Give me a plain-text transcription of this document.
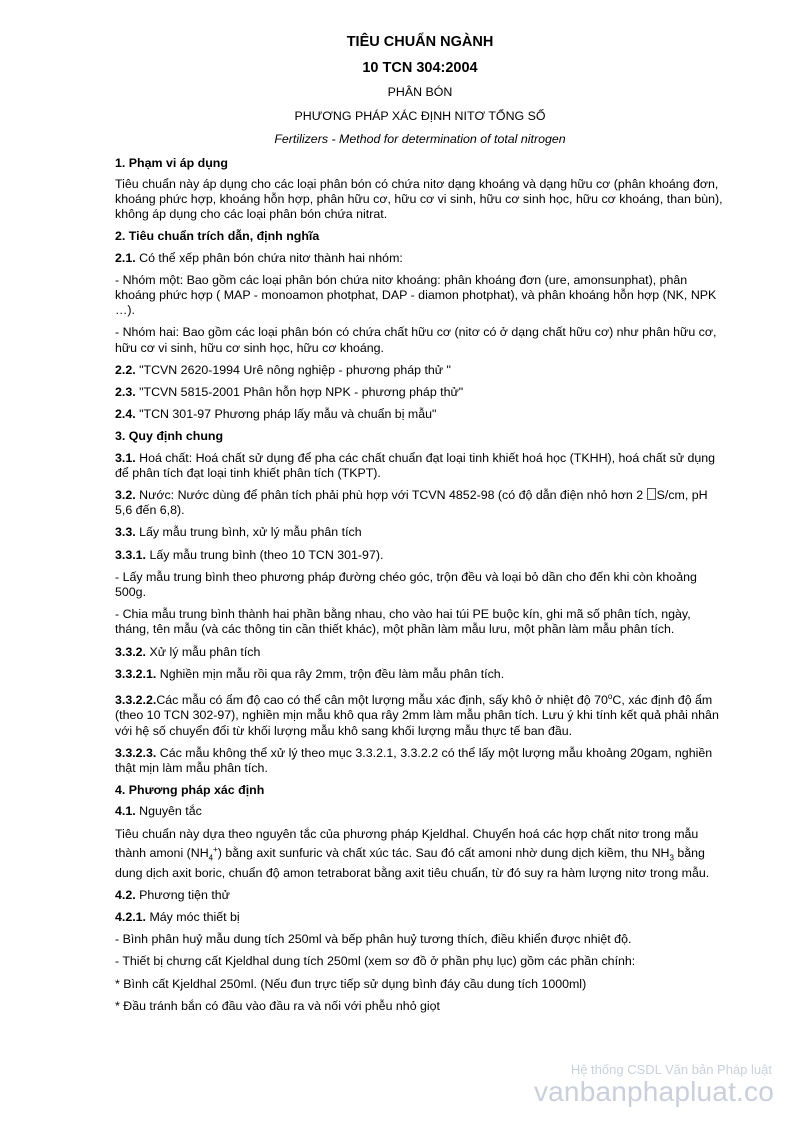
TIÊU CHUẨN NGÀNH
10 TCN 304:2004
PHÂN BÓN
PHƯƠNG PHÁP XÁC ĐỊNH NITƠ TỔNG SỐ
Fertilizers - Method for determination of total nitrogen
1. Phạm vi áp dụng

Tiêu chuẩn này áp dụng cho các loại phân bón có chứa nitơ dạng khoáng và dạng hữu cơ (phân khoáng đơn, khoáng phức hợp, khoáng hỗn hợp, phân hữu cơ, hữu cơ vi sinh, hữu cơ sinh học, hữu cơ khoáng, than bùn), không áp dụng cho các loại phân bón chứa nitrat.

2. Tiêu chuẩn trích dẫn, định nghĩa

2.1. Có thể xếp phân bón chứa nitơ thành hai nhóm:

- Nhóm một: Bao gồm các loại phân bón chứa nitơ khoáng: phân khoáng đơn (ure, amonsunphat), phân khoáng phức hợp ( MAP - monoamon photphat, DAP - diamon photphat), và phân khoáng hỗn hợp (NK, NPK …).

- Nhóm hai: Bao gồm các loại phân bón có chứa chất hữu cơ (nitơ có ở dạng chất hữu cơ) như phân hữu cơ, hữu cơ vi sinh, hữu cơ sinh học, hữu cơ khoáng.

2.2. "TCVN 2620-1994 Urê nông nghiệp - phương pháp thử "

2.3. "TCVN 5815-2001 Phân hỗn hợp NPK - phương pháp thử"

2.4. "TCN 301-97 Phương pháp lấy mẫu và chuẩn bị mẫu"

3. Quy định chung

3.1. Hoá chất: Hoá chất sử dụng để pha các chất chuẩn đạt loại tinh khiết hoá học (TKHH), hoá chất sử dụng để phân tích đạt loại tinh khiết phân tích (TKPT).

3.2. Nước: Nước dùng để phân tích phải phù hợp với TCVN 4852-98 (có độ dẫn điện nhỏ hơn 2 S/cm, pH 5,6 đến 6,8).

3.3. Lấy mẫu trung bình, xử lý mẫu phân tích

3.3.1. Lấy mẫu trung bình (theo 10 TCN 301-97).

- Lấy mẫu trung bình theo phương pháp đường chéo góc, trộn đều và loại bỏ dần cho đến khi còn khoảng 500g.

- Chia mẫu trung bình thành hai phần bằng nhau, cho vào hai túi PE buộc kín, ghi mã số phân tích, ngày, tháng, tên mẫu (và các thông tin cần thiết khác), một phần làm mẫu lưu, một phần làm mẫu phân tích.

3.3.2. Xử lý mẫu phân tích

3.3.2.1. Nghiền mịn mẫu rồi qua rây 2mm, trộn đều làm mẫu phân tích.

3.3.2.2.Các mẫu có ẩm độ cao có thể cân một lượng mẫu xác định, sấy khô ở nhiệt độ 70$^o$C, xác định độ ẩm (theo 10 TCN 302-97), nghiền mịn mẫu khô qua rây 2mm làm mẫu phân tích. Lưu ý khi tính kết quả phải nhân với hệ số chuyển đổi từ khối lượng mẫu khô sang khối lượng mẫu thực tế ban đầu.

3.3.2.3. Các mẫu không thể xử lý theo mục 3.3.2.1, 3.3.2.2 có thể lấy một lượng mẫu khoảng 20gam, nghiền thật mịn làm mẫu phân tích.

4. Phương pháp xác định

4.1. Nguyên tắc

Tiêu chuẩn này dựa theo nguyên tắc của phương pháp Kjeldhal. Chuyển hoá các hợp chất nitơ trong mẫu thành amoni $(NH_4^+)$ bằng axit sunfuric và chất xúc tác. Sau đó cất amoni nhờ dung dịch kiềm, thu $NH_3$ bằng dung dịch axit boric, chuẩn độ amon tetraborat bằng axit tiêu chuẩn, từ đó suy ra hàm lượng nitơ trong mẫu.

4.2. Phương tiện thử

4.2.1. Máy móc thiết bị

- Bình phân huỷ mẫu dung tích 250ml và bếp phân huỷ tương thích, điều khiển được nhiệt độ.

- Thiết bị chưng cất Kjeldhal dung tích 250ml (xem sơ đồ ở phần phụ lục) gồm các phần chính:

* Bình cất Kjeldhal 250ml. (Nếu đun trực tiếp sử dụng bình đáy cầu dung tích 1000ml)

* Đầu tránh bắn có đầu vào đầu ra và nối với phễu nhỏ giọt

Hệ thống CSDL Văn bản Pháp luật
vanbanphapluat.co
